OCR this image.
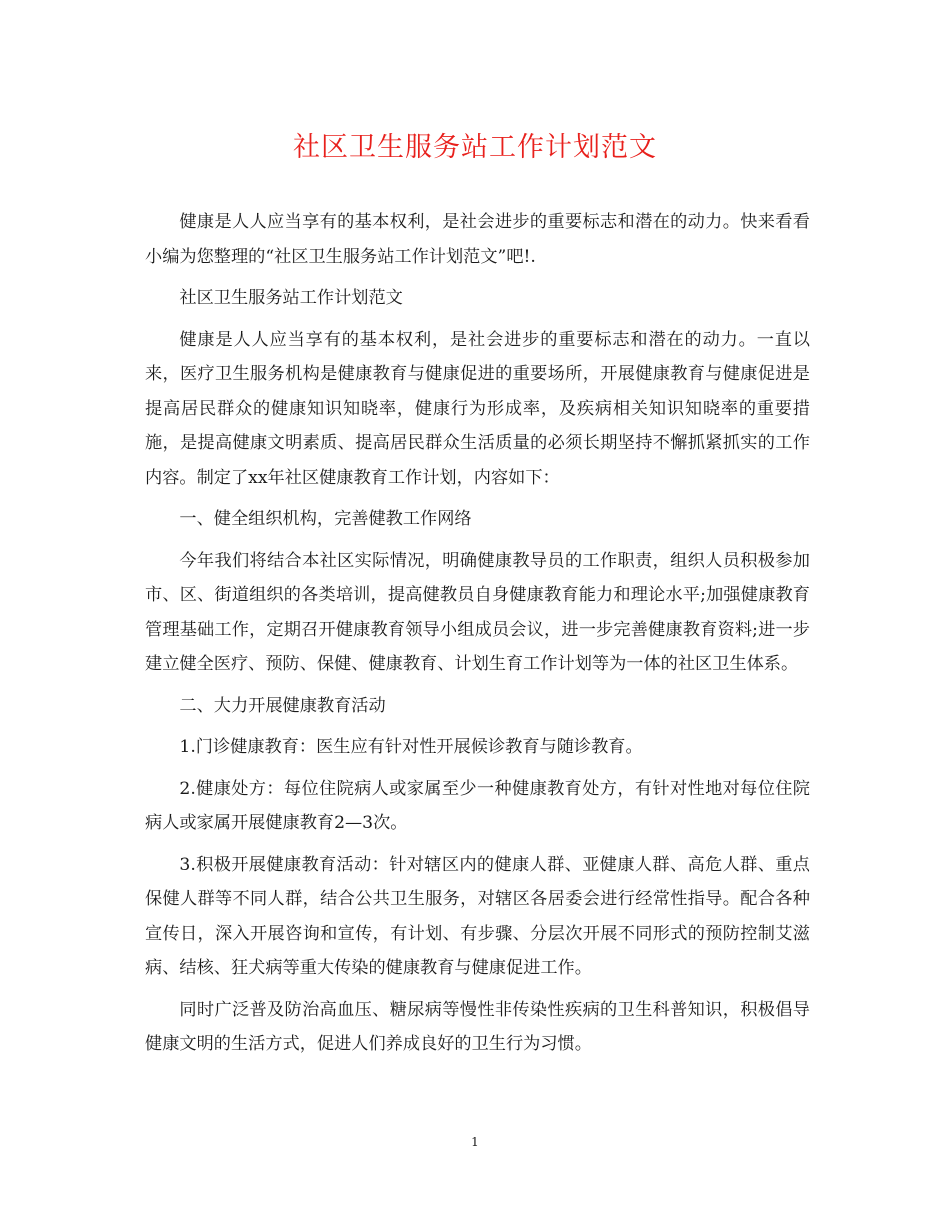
社区卫生服务站工作计划范文

健康是人人应当享有的基本权利，是社会进步的重要标志和潜在的动力。快来看看小编为您整理的“社区卫生服务站工作计划范文”吧!.

社区卫生服务站工作计划范文

健康是人人应当享有的基本权利，是社会进步的重要标志和潜在的动力。一直以来，医疗卫生服务机构是健康教育与健康促进的重要场所，开展健康教育与健康促进是提高居民群众的健康知识知晓率，健康行为形成率，及疾病相关知识知晓率的重要措施，是提高健康文明素质、提高居民群众生活质量的必须长期坚持不懈抓紧抓实的工作内容。制定了xx年社区健康教育工作计划，内容如下：

一、健全组织机构，完善健教工作网络

今年我们将结合本社区实际情况，明确健康教导员的工作职责，组织人员积极参加市、区、街道组织的各类培训，提高健教员自身健康教育能力和理论水平;加强健康教育管理基础工作，定期召开健康教育领导小组成员会议，进一步完善健康教育资料;进一步建立健全医疗、预防、保健、健康教育、计划生育工作计划等为一体的社区卫生体系。

二、大力开展健康教育活动

1.门诊健康教育：医生应有针对性开展候诊教育与随诊教育。

2.健康处方：每位住院病人或家属至少一种健康教育处方，有针对性地对每位住院病人或家属开展健康教育2—3次。

3.积极开展健康教育活动：针对辖区内的健康人群、亚健康人群、高危人群、重点保健人群等不同人群，结合公共卫生服务，对辖区各居委会进行经常性指导。配合各种宣传日，深入开展咨询和宣传，有计划、有步骤、分层次开展不同形式的预防控制艾滋病、结核、狂犬病等重大传染的健康教育与健康促进工作。

同时广泛普及防治高血压、糖尿病等慢性非传染性疾病的卫生科普知识，积极倡导健康文明的生活方式，促进人们养成良好的卫生行为习惯。

1
